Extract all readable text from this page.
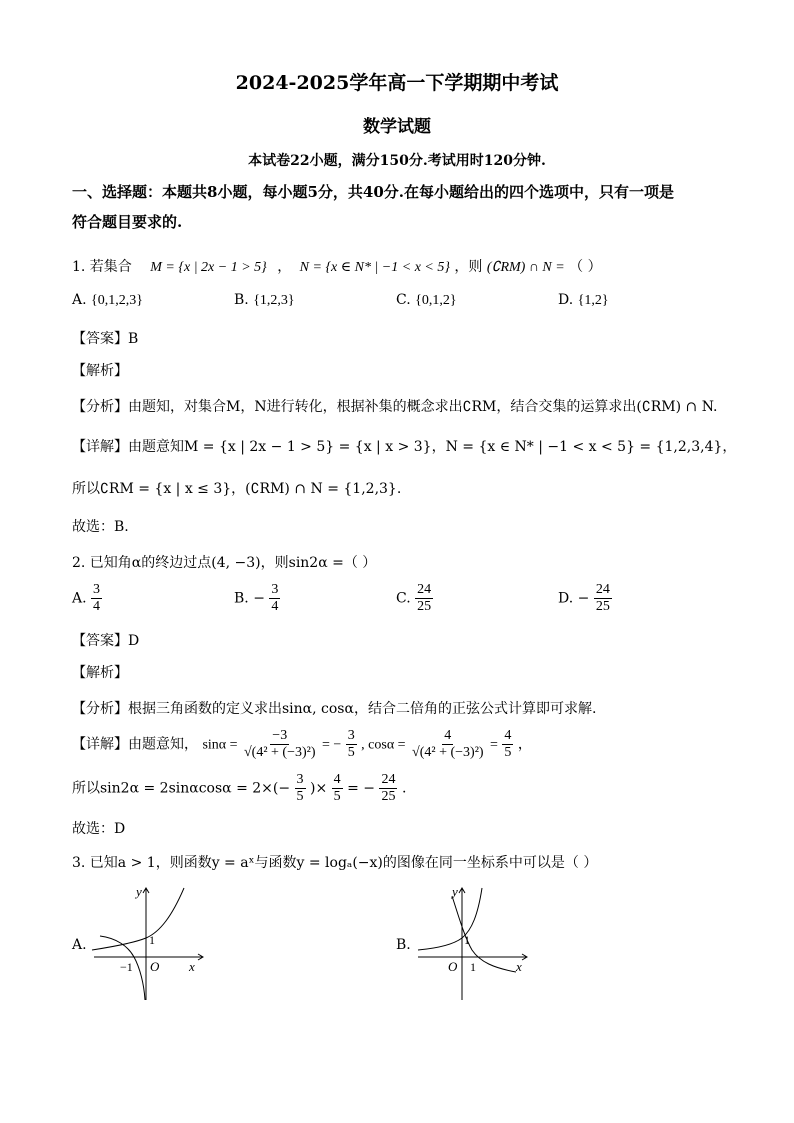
2024-2025学年高一下学期期中考试
数学试题
本试卷22小题，满分150分.考试用时120分钟.
一、选择题：本题共8小题，每小题5分，共40分.在每小题给出的四个选项中，只有一项是
符合题目要求的.
1. 若集合 M = {x | 2x − 1 > 5} ， N = {x ∈ N* | −1 < x < 5} ，则 (∁RM) ∩ N = （ ）
A. {0,1,2,3}	B. {1,2,3}	C. {0,1,2}	D. {1,2}
【答案】B
【解析】
【分析】由题知，对集合M，N进行转化，根据补集的概念求出∁RM，结合交集的运算求出(∁RM) ∩ N.
【详解】由题意知M = {x | 2x − 1 > 5} = {x | x > 3}，N = {x ∈ N* | −1 < x < 5} = {1,2,3,4}，
所以∁RM = {x | x ≤ 3}，(∁RM) ∩ N = {1,2,3}.
故选：B.
2. 已知角α的终边过点(4, −3)，则sin2α =（ ）
A. $\frac{3}{4}$	B. − $\frac{3}{4}$	C. $\frac{24}{25}$	D. − $\frac{24}{25}$
【答案】D
【解析】
【分析】根据三角函数的定义求出sinα, cosα，结合二倍角的正弦公式计算即可求解.
【详解】由题意知， $\sin\alpha = \frac{-3}{\text{√(4² + (−3)²)}}$ = − $\frac{3}{5}$ , $\cos\alpha = \frac{4}{\text{√(4² + (−3)²)}} = \frac{4}{5}$ ，
所以$\sin 2\alpha = 2\sin\alpha\cos\alpha = 2\times(- \frac{3}{5}$ )× $\frac{4}{5}$ = − $\frac{24}{25}$ .
故选：D
3. 已知a > 1，则函数y = aˣ与函数y = logₐ(−x)的图像在同一坐标系中可以是（ ）
A.
y
x
O
1
−1
B.
y
x
O
1
1
